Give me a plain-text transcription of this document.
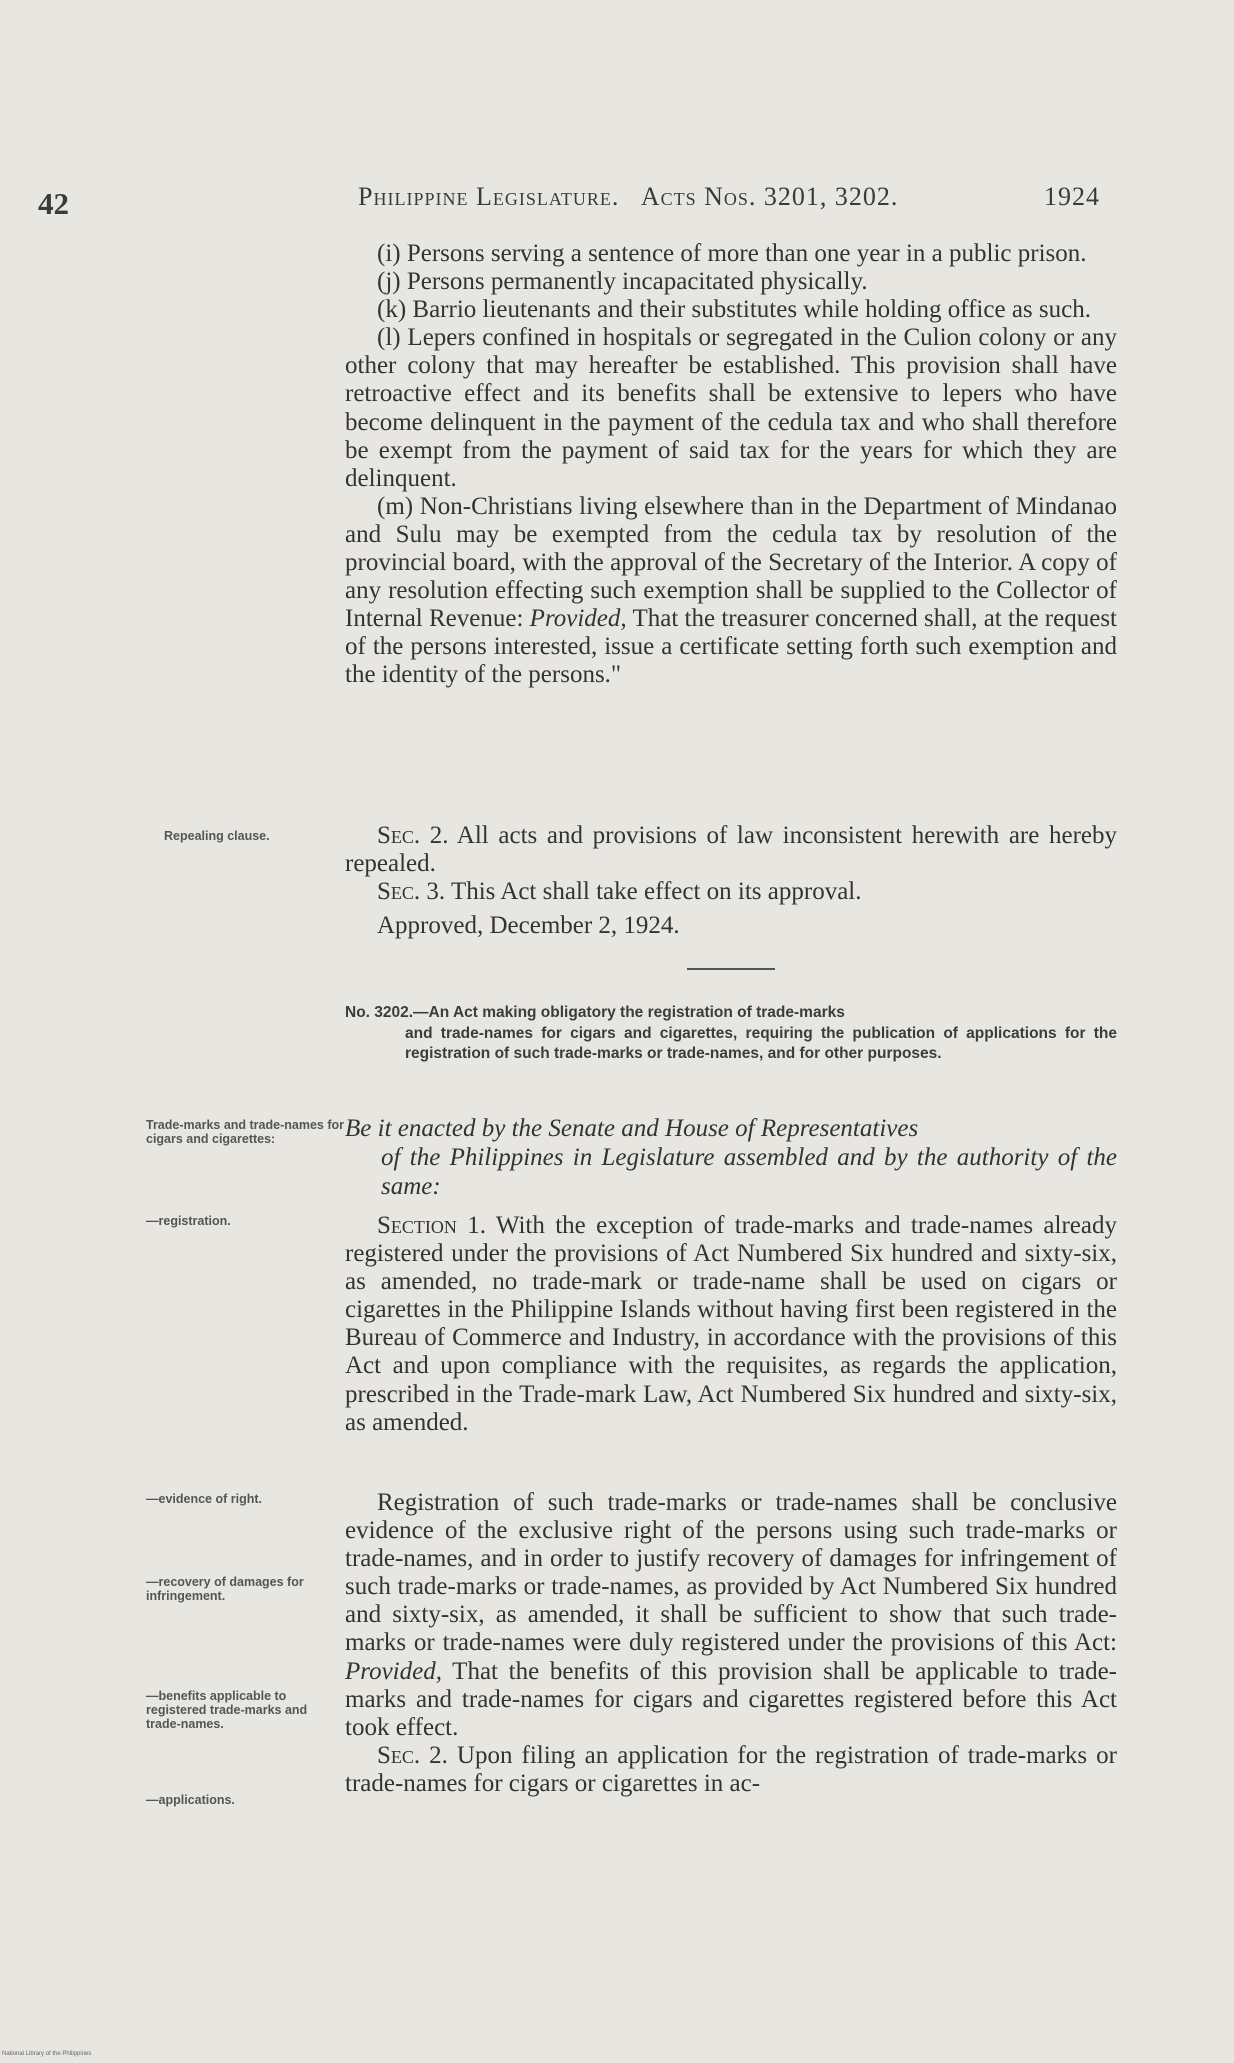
42	Philippine Legislature. Acts Nos. 3201, 3202.	1924

(i) Persons serving a sentence of more than one year in a public prison.

(j) Persons permanently incapacitated physically.

(k) Barrio lieutenants and their substitutes while holding office as such.

(l) Lepers confined in hospitals or segregated in the Culion colony or any other colony that may hereafter be established. This provision shall have retroactive effect and its benefits shall be extensive to lepers who have become delinquent in the payment of the cedula tax and who shall therefore be exempt from the payment of said tax for the years for which they are delinquent.

(m) Non-Christians living elsewhere than in the Department of Mindanao and Sulu may be exempted from the cedula tax by resolution of the provincial board, with the approval of the Secretary of the Interior. A copy of any resolution effecting such exemption shall be supplied to the Collector of Internal Revenue: Provided, That the treasurer concerned shall, at the request of the persons interested, issue a certificate setting forth such exemption and the identity of the persons."

Repealing clause.	Sec. 2. All acts and provisions of law inconsistent herewith are hereby repealed.

Sec. 3. This Act shall take effect on its approval.

Approved, December 2, 1924.

No. 3202.—An Act making obligatory the registration of trade-marks
and trade-names for cigars and cigarettes, requiring the publication of applications for the registration of such trade-marks or trade-names, and for other purposes.
Trade-marks and trade-names for cigars and cigarettes:	Be it enacted by the Senate and House of Representatives
of the Philippines in Legislature assembled and by the authority of the same:
—registration.	Section 1. With the exception of trade-marks and trade-names already registered under the provisions of Act Numbered Six hundred and sixty-six, as amended, no trade-mark or trade-name shall be used on cigars or cigarettes in the Philippine Islands without having first been registered in the Bureau of Commerce and Industry, in accordance with the provisions of this Act and upon compliance with the requisites, as regards the application, prescribed in the Trade-mark Law, Act Numbered Six hundred and sixty-six, as amended.

—evidence of right.
—recovery of damages for infringement.
—benefits applicable to registered trade-marks and trade-names.
—applications.

Registration of such trade-marks or trade-names shall be conclusive evidence of the exclusive right of the persons using such trade-marks or trade-names, and in order to justify recovery of damages for infringement of such trade-marks or trade-names, as provided by Act Numbered Six hundred and sixty-six, as amended, it shall be sufficient to show that such trade-marks or trade-names were duly registered under the provisions of this Act: Provided, That the benefits of this provision shall be applicable to trade-marks and trade-names for cigars and cigarettes registered before this Act took effect.

Sec. 2. Upon filing an application for the registration of trade-marks or trade-names for cigars or cigarettes in ac-

National Library of the Philippines
